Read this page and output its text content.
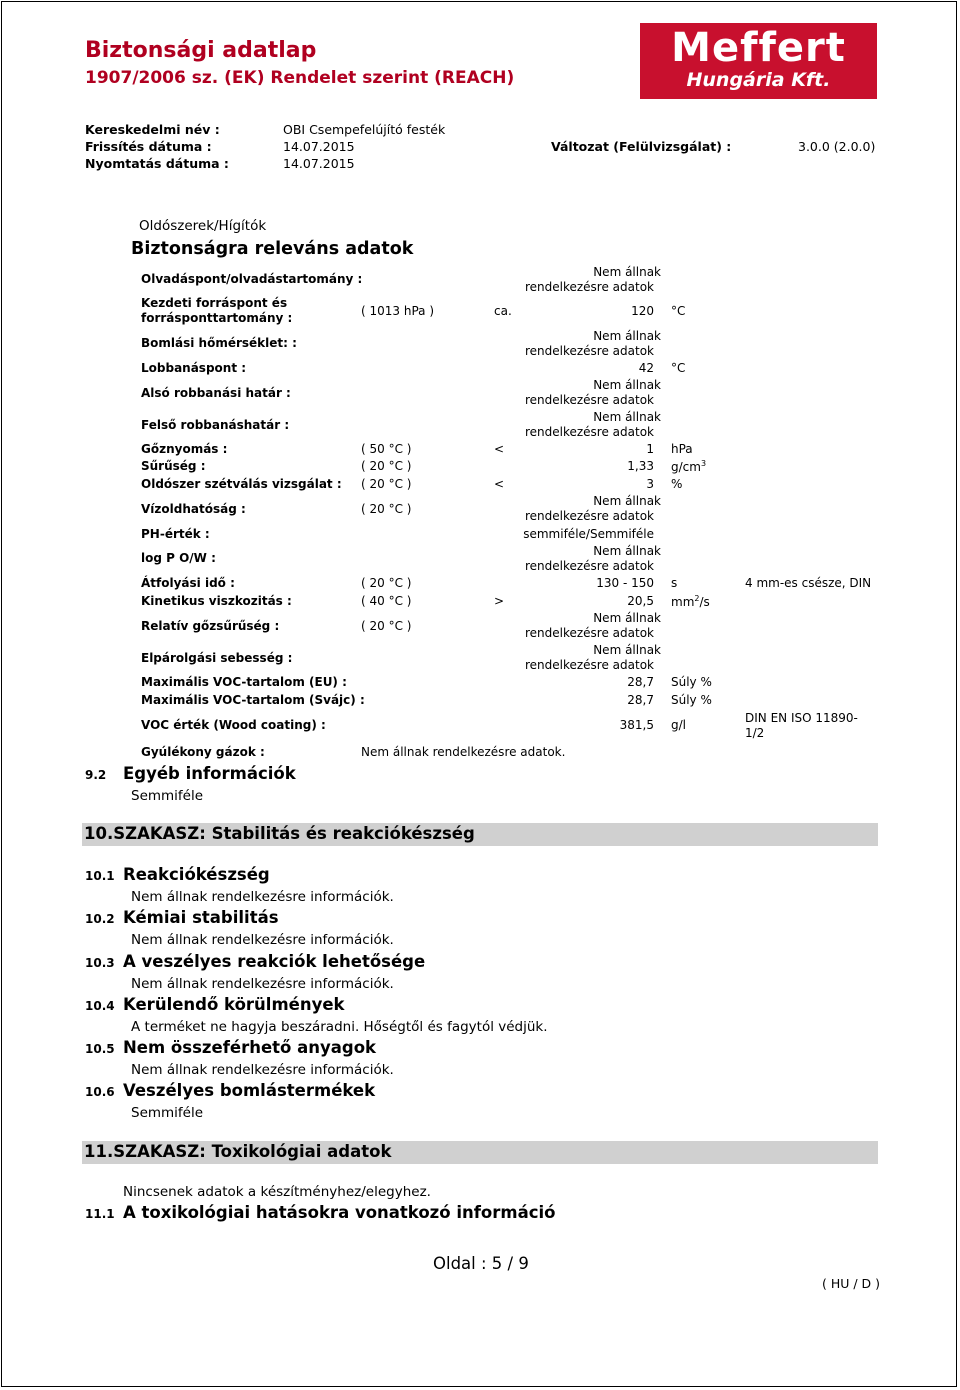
Biztonsági adatlap
1907/2006 sz. (EK) Rendelet szerint (REACH)
Meffert
Hungária Kft.
Kereskedelmi név :	OBI Csempefelújító festék
Frissítés dátuma :	14.07.2015	Változat (Felülvizsgálat) :	3.0.0 (2.0.0)
Nyomtatás dátuma :	14.07.2015
Oldószerek/Hígítók
Biztonságra releváns adatok
Olvadáspont/olvadástartomány :	Nem állnak
rendelkezésre adatok
Kezdeti forráspont és
forrásponttartomány :	( 1013 hPa )	ca.	120 °C
Bomlási hőmérséklet: :	Nem állnak
rendelkezésre adatok
Lobbanáspont :	42 °C
Alsó robbanási határ :
Nem állnak
rendelkezésre adatok
Felső robbanáshatár :
Nem állnak
rendelkezésre adatok
Gőznyomás :	( 50 °C )	<	1 hPa
Sűrűség :	( 20 °C )	1,33 $g/cm^3$
Oldószer szétválás vizsgálat : ( 20 °C )	<	3 %
Vízoldhatóság :	( 20 °C )
Nem állnak
rendelkezésre adatok
PH-érték :	semmiféle/Semmiféle
log P O/W :	Nem állnak
rendelkezésre adatok
Átfolyási idő :	( 20 °C )	130 - 150 s	4 mm-es csésze, DIN
Kinetikus viszkozitás :	( 40 °C )	>	20,5 $mm^2/s$
Relatív gőzsűrűség :	( 20 °C )
Nem állnak
rendelkezésre adatok
Elpárolgási sebesség :
Nem állnak
rendelkezésre adatok
Maximális VOC-tartalom (EU) :	28,7 Súly %
Maximális VOC-tartalom (Svájc) :	28,7 Súly %
VOC érték (Wood coating) :	381,5 g/l	DIN EN ISO 11890-
1/2
Gyúlékony gázok :	Nem állnak rendelkezésre adatok.
9.2 Egyéb információk
Semmiféle
10.SZAKASZ: Stabilitás és reakciókészség
10.1 Reakciókészség
Nem állnak rendelkezésre információk.
10.2 Kémiai stabilitás
Nem állnak rendelkezésre információk.
10.3 A veszélyes reakciók lehetősége
Nem állnak rendelkezésre információk.
10.4 Kerülendő körülmények
A terméket ne hagyja beszáradni. Hőségtől és fagytól védjük.
10.5 Nem összeférhető anyagok
Nem állnak rendelkezésre információk.
10.6 Veszélyes bomlástermékek
Semmiféle
11.SZAKASZ: Toxikológiai adatok
Nincsenek adatok a készítményhez/elegyhez.
11.1 A toxikológiai hatásokra vonatkozó információ
Oldal : 5 / 9
( HU / D )
